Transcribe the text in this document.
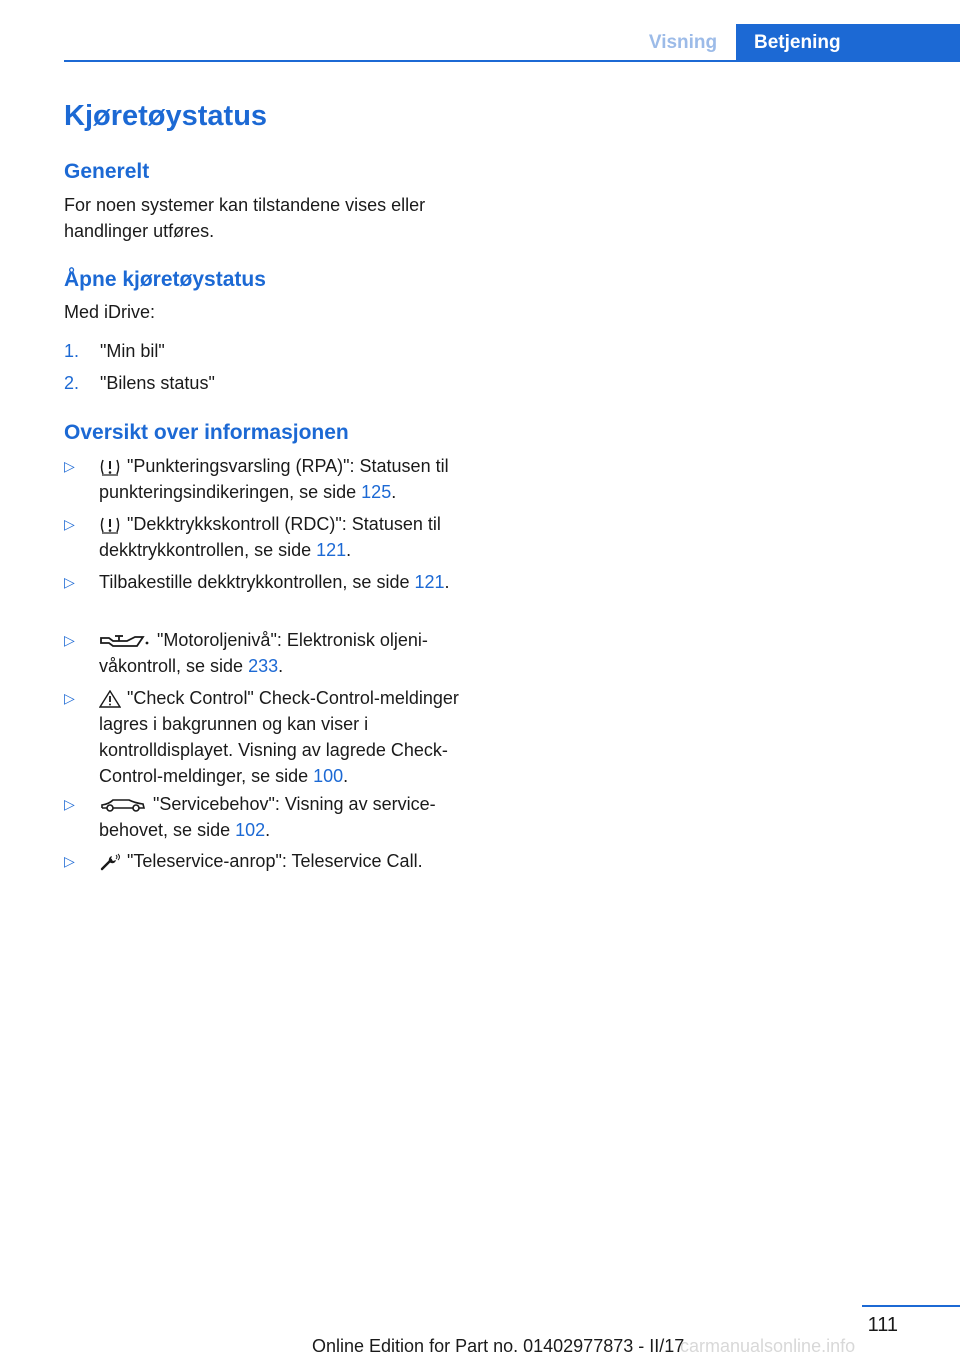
Visning	Betjening
Kjøretøystatus
Generelt

For noen systemer kan tilstandene vises eller handlinger utføres.

Åpne kjøretøystatus

Med iDrive:

1. "Min bil"
2. "Bilens status"
Oversikt over informasjonen
▷	"Punkteringsvarsling (RPA)": Statusen til punkteringsindikeringen, se side 125.
▷	"Dekktrykkskontroll (RDC)": Statusen til dekktrykkontrollen, se side 121.
▷ Tilbakestille dekktrykkontrollen, se side 121.
▷	"Motoroljenivå": Elektronisk oljenivåkontroll, se side 233.
▷	"Check Control" Check-Control-meldinger lagres i bakgrunnen og kan viser i kontrolldisplayet. Visning av lagrede Check-Control-meldinger, se side 100.
▷	"Servicebehov": Visning av servicebehovet, se side 102.
▷	"Teleservice-anrop": Teleservice Call.
111
Online Edition for Part no. 01402977873 - II/17
carmanualsonline.info
